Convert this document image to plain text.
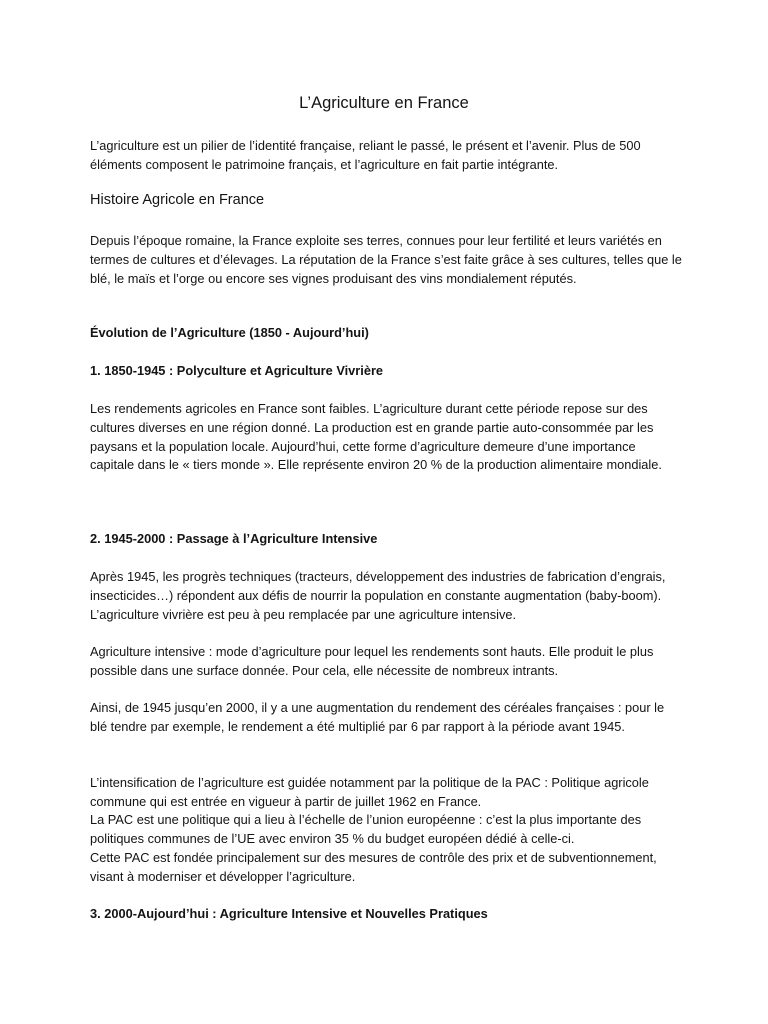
L’Agriculture en France

L’agriculture est un pilier de l’identité française, reliant le passé, le présent et l’avenir. Plus de 500 éléments composent le patrimoine français, et l’agriculture en fait partie intégrante.

Histoire Agricole en France

Depuis l’époque romaine, la France exploite ses terres, connues pour leur fertilité et leurs variétés en termes de cultures et d’élevages. La réputation de la France s’est faite grâce à ses cultures, telles que le blé, le maïs et l’orge ou encore ses vignes produisant des vins mondialement réputés.

Évolution de l’Agriculture (1850 - Aujourd’hui)
1. 1850-1945 : Polyculture et Agriculture Vivrière

Les rendements agricoles en France sont faibles. L’agriculture durant cette période repose sur des cultures diverses en une région donné. La production est en grande partie auto-consommée par les paysans et la population locale. Aujourd’hui, cette forme d’agriculture demeure d’une importance capitale dans le « tiers monde ». Elle représente environ 20 % de la production alimentaire mondiale.

2. 1945-2000 : Passage à l’Agriculture Intensive

Après 1945, les progrès techniques (tracteurs, développement des industries de fabrication d’engrais, insecticides…) répondent aux défis de nourrir la population en constante augmentation (baby-boom). L’agriculture vivrière est peu à peu remplacée par une agriculture intensive.

Agriculture intensive : mode d’agriculture pour lequel les rendements sont hauts. Elle produit le plus possible dans une surface donnée. Pour cela, elle nécessite de nombreux intrants.

Ainsi, de 1945 jusqu’en 2000, il y a une augmentation du rendement des céréales françaises : pour le blé tendre par exemple, le rendement a été multiplié par 6 par rapport à la période avant 1945.

L’intensification de l’agriculture est guidée notamment par la politique de la PAC : Politique agricole commune qui est entrée en vigueur à partir de juillet 1962 en France.

La PAC est une politique qui a lieu à l’échelle de l’union européenne : c’est la plus importante des politiques communes de l’UE avec environ 35 % du budget européen dédié à celle-ci.

Cette PAC est fondée principalement sur des mesures de contrôle des prix et de subventionnement, visant à moderniser et développer l’agriculture.

3. 2000-Aujourd’hui : Agriculture Intensive et Nouvelles Pratiques
